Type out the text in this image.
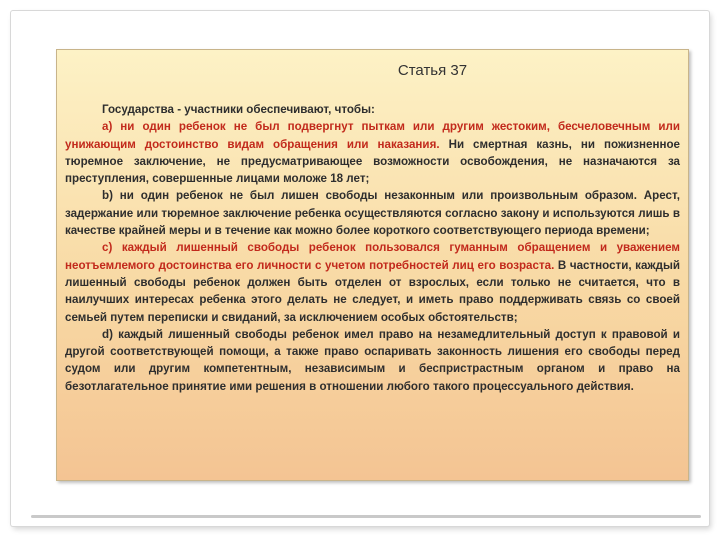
Статья 37

Государства - участники обеспечивают, чтобы:

a) ни один ребенок не был подвергнут пыткам или другим жестоким, бесчеловечным или унижающим достоинство видам обращения или наказания. Ни смертная казнь, ни пожизненное тюремное заключение, не предусматривающее возможности освобождения, не назначаются за преступления, совершенные лицами моложе 18 лет;

b) ни один ребенок не был лишен свободы незаконным или произвольным образом. Арест, задержание или тюремное заключение ребенка осуществляются согласно закону и используются лишь в качестве крайней меры и в течение как можно более короткого соответствующего периода времени;

c) каждый лишенный свободы ребенок пользовался гуманным обращением и уважением неотъемлемого достоинства его личности с учетом потребностей лиц его возраста. В частности, каждый лишенный свободы ребенок должен быть отделен от взрослых, если только не считается, что в наилучших интересах ребенка этого делать не следует, и иметь право поддерживать связь со своей семьей путем переписки и свиданий, за исключением особых обстоятельств;

d) каждый лишенный свободы ребенок имел право на незамедлительный доступ к правовой и другой соответствующей помощи, а также право оспаривать законность лишения его свободы перед судом или другим компетентным, независимым и беспристрастным органом и право на безотлагательное принятие ими решения в отношении любого такого процессуального действия.
